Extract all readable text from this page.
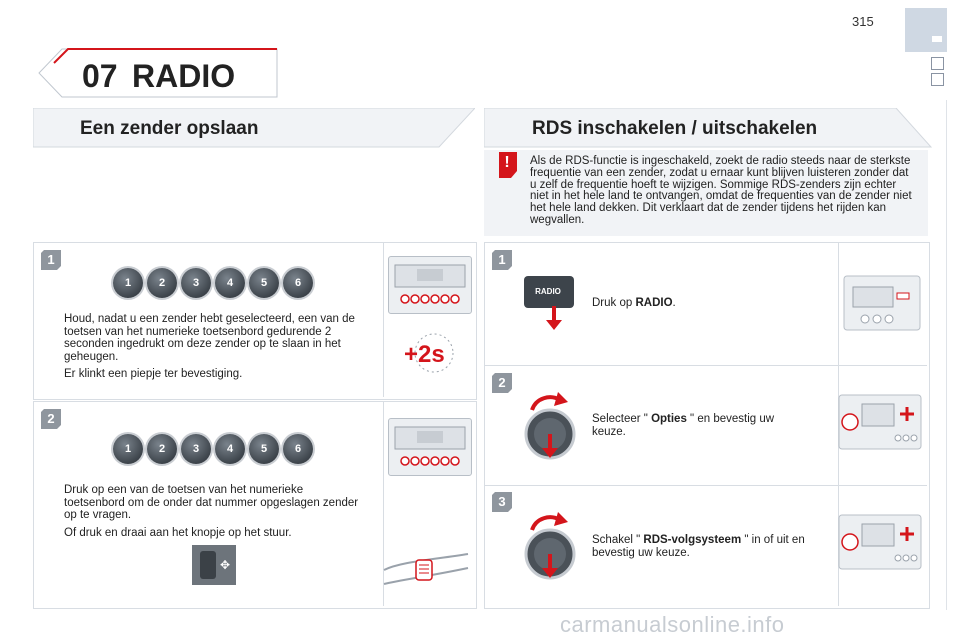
315
07 RADIO
Een zender opslaan
1
1	2	3	4	5	6

Houd, nadat u een zender hebt geselecteerd, een van de toetsen van het numerieke toetsenbord gedurende 2 seconden ingedrukt om deze zender op te slaan in het geheugen.

Er klinkt een piepje ter bevestiging.

+2s
2
1	2	3	4	5	6

Druk op een van de toetsen van het numerieke toetsenbord om de onder dat nummer opgeslagen zender op te vragen.

Of druk en draai aan het knopje op het stuur.

✥
RDS inschakelen / uitschakelen
!	Als de RDS-functie is ingeschakeld, zoekt de radio steeds naar de sterkste frequentie van een zender, zodat u ernaar kunt blijven luisteren zonder dat u zelf de frequentie hoeft te wijzigen. Sommige RDS-zenders zijn echter niet in het hele land te ontvangen, omdat de frequenties van de zender niet het hele land dekken. Dit verklaart dat de zender tijdens het rijden kan wegvallen.
1
RADIO
Druk op RADIO.
2
Selecteer " Opties " en bevestig uw keuze.
3
Schakel " RDS-volgsysteem " in of uit en bevestig uw keuze.
carmanualsonline.info
